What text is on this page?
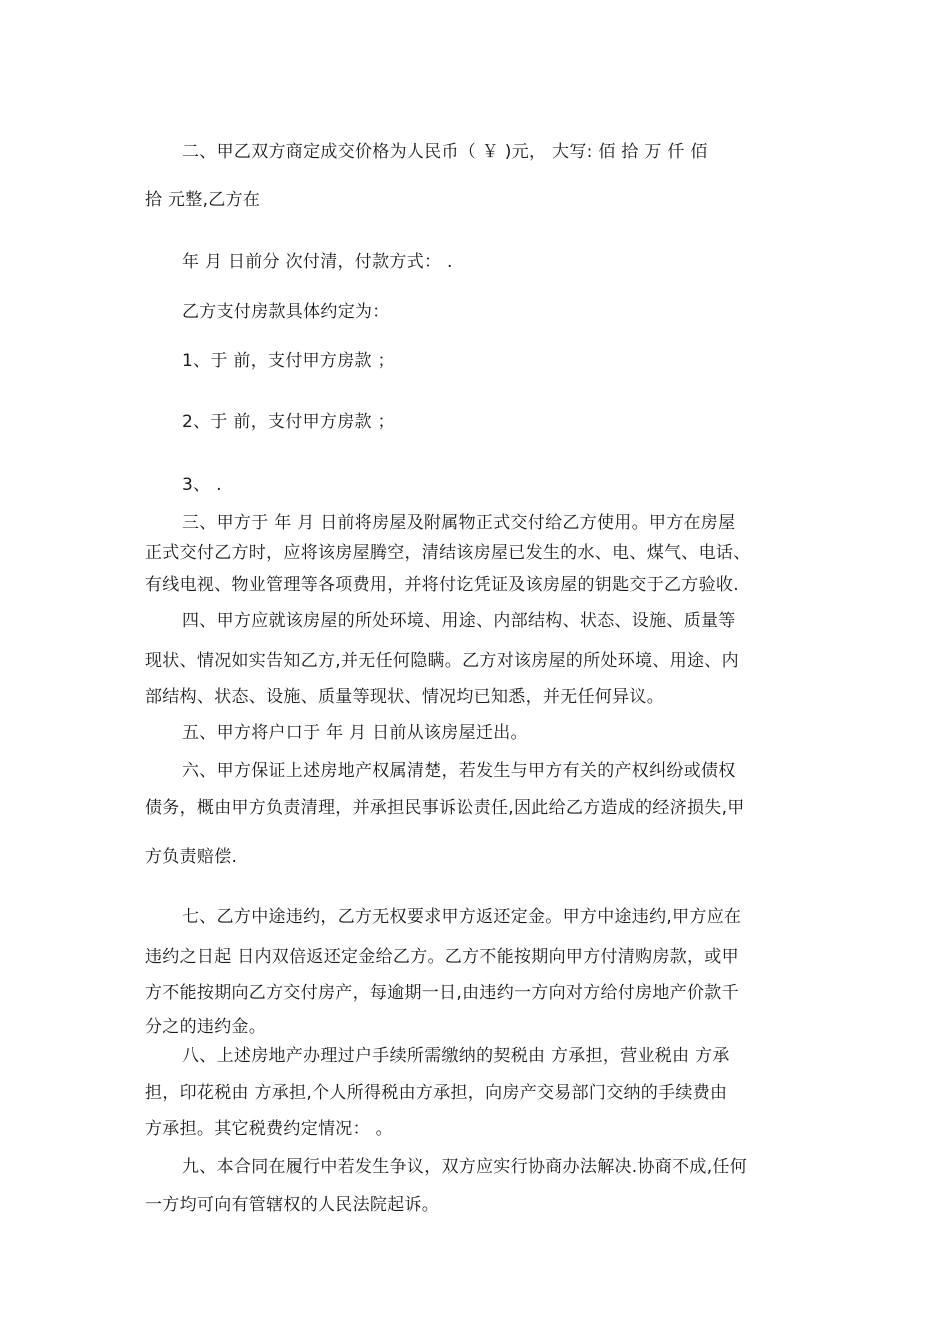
二、甲乙双方商定成交价格为人民币（ ￥ )元， 大写: 佰 拾 万 仟 佰
拾 元整,乙方在
年 月 日前分 次付清，付款方式： .
乙方支付房款具体约定为：
1、于 前，支付甲方房款 ；
2、于 前，支付甲方房款 ；
3、 .
三、甲方于 年 月 日前将房屋及附属物正式交付给乙方使用。甲方在房屋
正式交付乙方时，应将该房屋腾空，清结该房屋已发生的水、电、煤气、电话、
有线电视、物业管理等各项费用，并将付讫凭证及该房屋的钥匙交于乙方验收.
四、甲方应就该房屋的所处环境、用途、内部结构、状态、设施、质量等
现状、情况如实告知乙方,并无任何隐瞒。乙方对该房屋的所处环境、用途、内
部结构、状态、设施、质量等现状、情况均已知悉，并无任何异议。
五、甲方将户口于 年 月 日前从该房屋迁出。
六、甲方保证上述房地产权属清楚，若发生与甲方有关的产权纠纷或债权
债务，概由甲方负责清理，并承担民事诉讼责任,因此给乙方造成的经济损失,甲
方负责赔偿.
七、乙方中途违约，乙方无权要求甲方返还定金。甲方中途违约,甲方应在
违约之日起 日内双倍返还定金给乙方。乙方不能按期向甲方付清购房款，或甲
方不能按期向乙方交付房产，每逾期一日,由违约一方向对方给付房地产价款千
分之的违约金。
八、上述房地产办理过户手续所需缴纳的契税由 方承担，营业税由 方承
担，印花税由 方承担,个人所得税由方承担，向房产交易部门交纳的手续费由
方承担。其它税费约定情况： 。
九、本合同在履行中若发生争议，双方应实行协商办法解决.协商不成,任何
一方均可向有管辖权的人民法院起诉。
